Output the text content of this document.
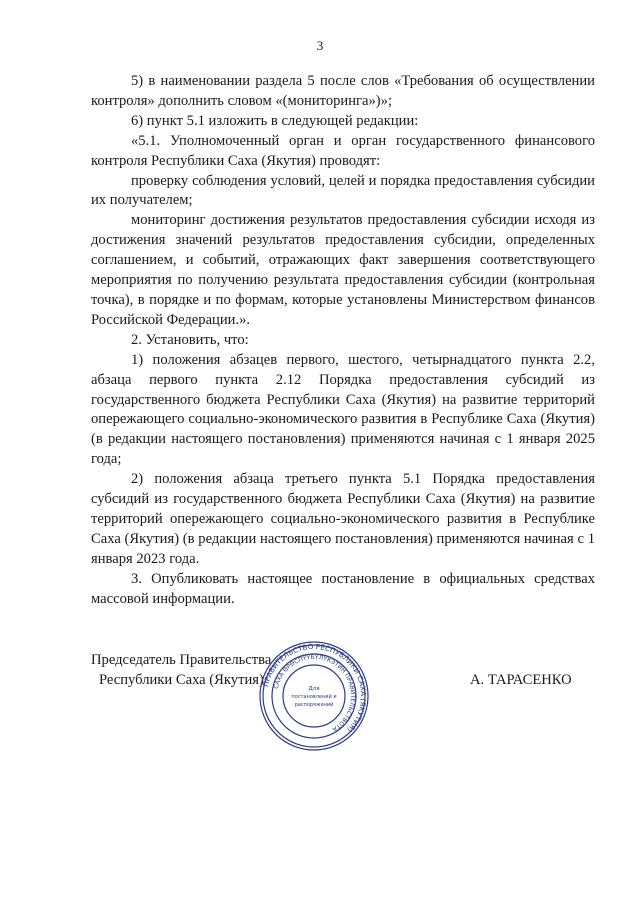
3

5) в наименовании раздела 5 после слов «Требования об осуществлении контроля» дополнить словом «(мониторинга»)»;

6) пункт 5.1 изложить в следующей редакции:

«5.1. Уполномоченный орган и орган государственного финансового контроля Республики Саха (Якутия) проводят:

проверку соблюдения условий, целей и порядка предоставления субсидии их получателем;

мониторинг достижения результатов предоставления субсидии исходя из достижения значений результатов предоставления субсидии, определенных соглашением, и событий, отражающих факт завершения соответствующего мероприятия по получению результата предоставления субсидии (контрольная точка), в порядке и по формам, которые установлены Министерством финансов Российской Федерации.».

2. Установить, что:

1) положения абзацев первого, шестого, четырнадцатого пункта 2.2, абзаца первого пункта 2.12 Порядка предоставления субсидий из государственного бюджета Республики Саха (Якутия) на развитие территорий опережающего социально-экономического развития в Республике Саха (Якутия) (в редакции настоящего постановления) применяются начиная с 1 января 2025 года;

2) положения абзаца третьего пункта 5.1 Порядка предоставления субсидий из государственного бюджета Республики Саха (Якутия) на развитие территорий опережающего социально-экономического развития в Республике Саха (Якутия) (в редакции настоящего постановления) применяются начиная с 1 января 2023 года.

3. Опубликовать настоящее постановление в официальных средствах массовой информации.

Председатель Правительства
Республики Саха (Якутия)
ПРАВИТЕЛЬСТВО РЕСПУБЛИКИ САХА (ЯКУТИЯ)
САХА ӨРӨСПҮҮБҮЛҮКЭТИН ПРАВИТЕЛЬСТВОТА
Для
постановлений и
распоряжений
А. ТАРАСЕНКО
